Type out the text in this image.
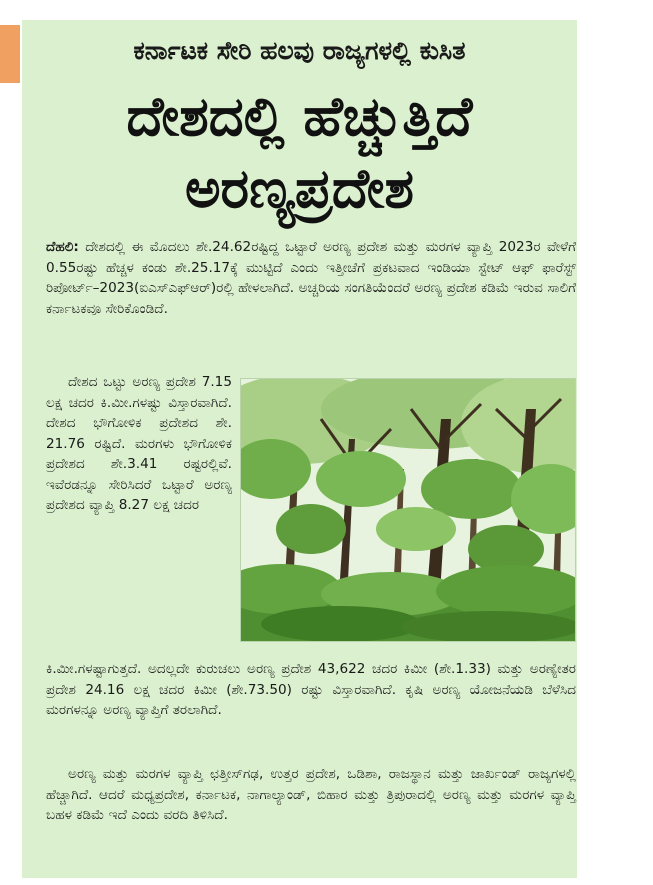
ಕರ್ನಾಟಕ ಸೇರಿ ಹಲವು ರಾಜ್ಯಗಳಲ್ಲಿ ಕುಸಿತ
ದೇಶದಲ್ಲಿ ಹೆಚ್ಚುತ್ತಿದೆ
ಅರಣ್ಯಪ್ರದೇಶ

ದೆಹಲಿ: ದೇಶದಲ್ಲಿ ಈ ಮೊದಲು ಶೇ.24.62ರಷ್ಟಿದ್ದ ಒಟ್ಟಾರೆ ಅರಣ್ಯ ಪ್ರದೇಶ ಮತ್ತು ಮರಗಳ ವ್ಯಾಪ್ತಿ 2023ರ ವೇಳೆಗೆ 0.55ರಷ್ಟು ಹೆಚ್ಚಳ ಕಂಡು ಶೇ.25.17ಕ್ಕೆ ಮುಟ್ಟಿದೆ ಎಂದು ಇತ್ತೀಚೆಗೆ ಪ್ರಕಟವಾದ ಇಂಡಿಯಾ ಸ್ಟೇಟ್ ಆಫ್ ಫಾರೆಸ್ಟ್ ರಿಪೋರ್ಟ್‌–2023(ಐಎಸ್‌ಎಫ್‌ಆರ್)ರಲ್ಲಿ ಹೇಳಲಾಗಿದೆ. ಅಚ್ಚರಿಯ ಸಂಗತಿಯೆಂದರೆ ಅರಣ್ಯ ಪ್ರದೇಶ ಕಡಿಮೆ ಇರುವ ಸಾಲಿಗೆ ಕರ್ನಾಟಕವೂ ಸೇರಿಕೊಂಡಿದೆ.

ದೇಶದ ಒಟ್ಟು ಅರಣ್ಯ ಪ್ರದೇಶ 7.15 ಲಕ್ಷ ಚದರ ಕಿ.ಮೀ.ಗಳಷ್ಟು ವಿಸ್ತಾರವಾಗಿದೆ. ದೇಶದ ಭೌಗೋಳಿಕ ಪ್ರದೇಶದ ಶೇ. 21.76 ರಷ್ಟಿದೆ. ಮರಗಳು ಭೌಗೋಳಿಕ ಪ್ರದೇಶದ ಶೇ.3.41 ರಷ್ಟರಲ್ಲಿವೆ. ಇವೆರಡನ್ನೂ ಸೇರಿಸಿದರೆ ಒಟ್ಟಾರೆ ಅರಣ್ಯ ಪ್ರದೇಶದ ವ್ಯಾಪ್ತಿ 8.27 ಲಕ್ಷ ಚದರ

ಕಿ.ಮೀ.ಗಳಷ್ಟಾಗುತ್ತದೆ. ಅದಲ್ಲದೇ ಕುರುಚಲು ಅರಣ್ಯ ಪ್ರದೇಶ 43,622 ಚದರ ಕಿಮೀ (ಶೇ.1.33) ಮತ್ತು ಅರಣ್ಯೇತರ ಪ್ರದೇಶ 24.16 ಲಕ್ಷ ಚದರ ಕಿಮೀ (ಶೇ.73.50) ರಷ್ಟು ವಿಸ್ತಾರವಾಗಿದೆ. ಕೃಷಿ ಅರಣ್ಯ ಯೋಜನೆಯಡಿ ಬೆಳೆಸಿದ ಮರಗಳನ್ನೂ ಅರಣ್ಯ ವ್ಯಾಪ್ತಿಗೆ ತರಲಾಗಿದೆ.

ಅರಣ್ಯ ಮತ್ತು ಮರಗಳ ವ್ಯಾಪ್ತಿ ಛತ್ತೀಸ್‌ಗಢ, ಉತ್ತರ ಪ್ರದೇಶ, ಒಡಿಶಾ, ರಾಜಸ್ಥಾನ ಮತ್ತು ಜಾರ್ಖಂಡ್ ರಾಜ್ಯಗಳಲ್ಲಿ ಹೆಚ್ಚಾಗಿದೆ. ಆದರೆ ಮಧ್ಯಪ್ರದೇಶ, ಕರ್ನಾಟಕ, ನಾಗಾಲ್ಯಾಂಡ್, ಬಿಹಾರ ಮತ್ತು ತ್ರಿಪುರಾದಲ್ಲಿ ಅರಣ್ಯ ಮತ್ತು ಮರಗಳ ವ್ಯಾಪ್ತಿ ಬಹಳ ಕಡಿಮೆ ಇದೆ ಎಂದು ವರದಿ ತಿಳಿಸಿದೆ.
